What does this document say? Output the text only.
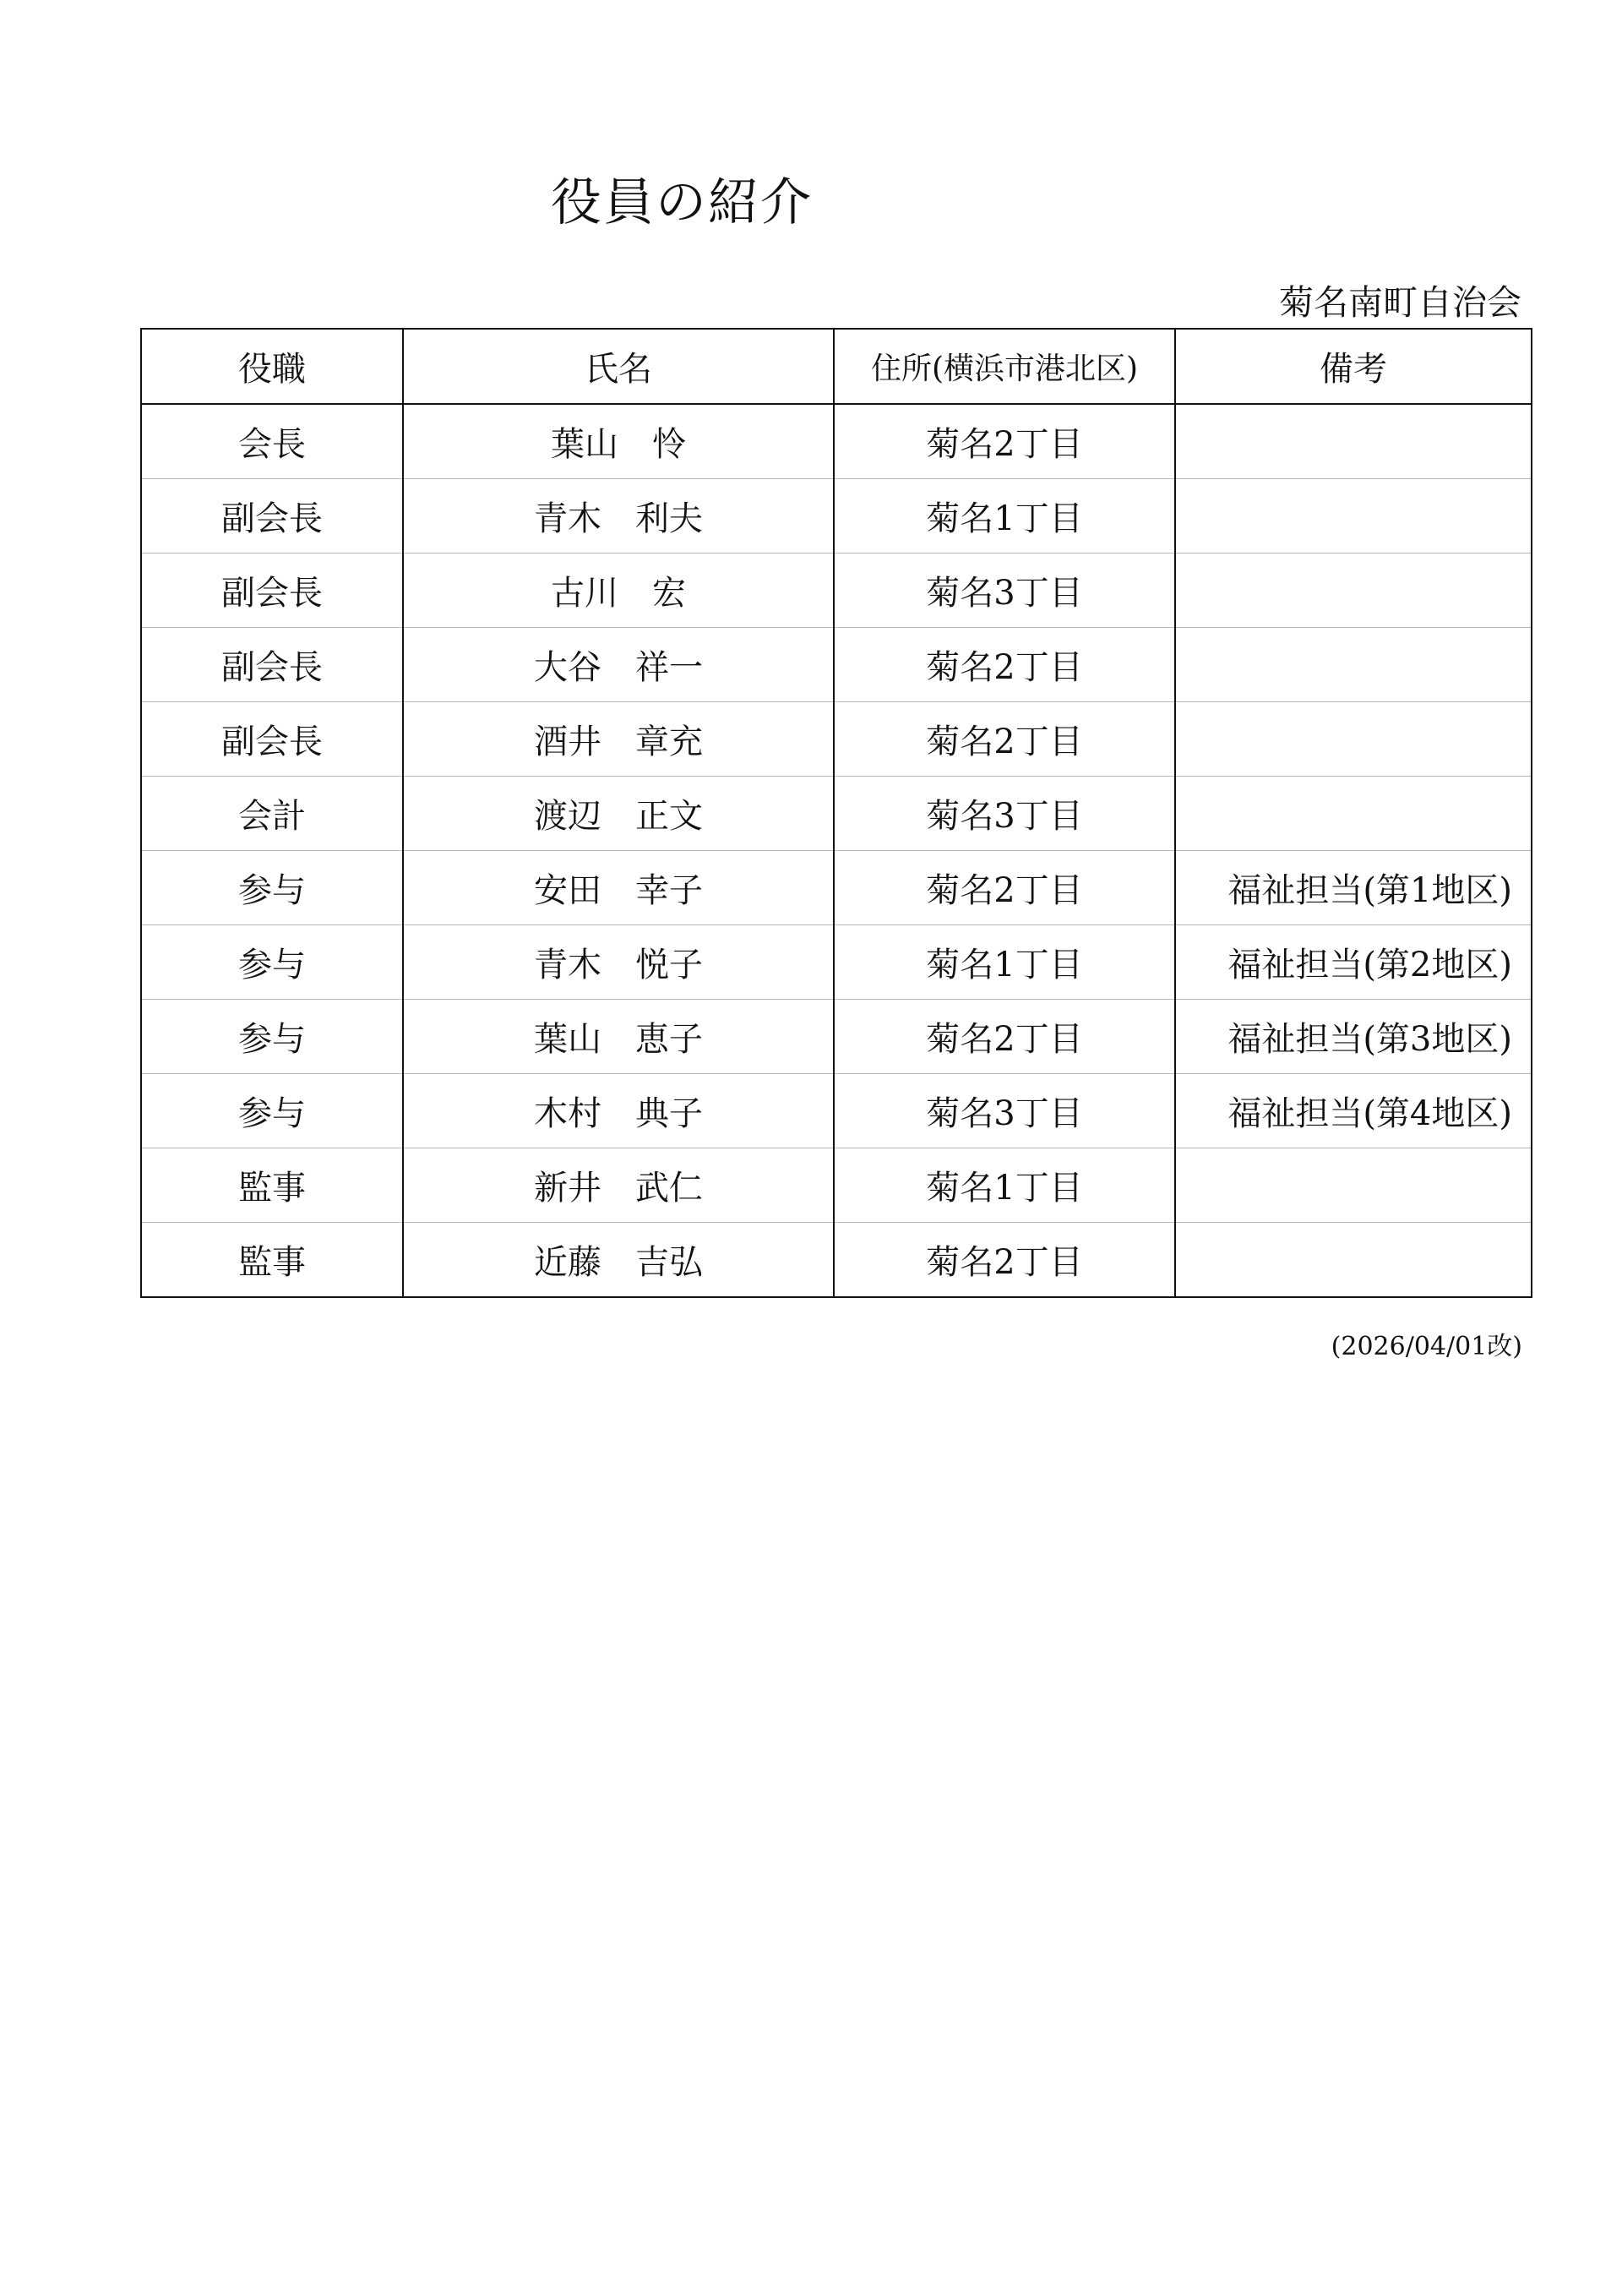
役員の紹介
菊名南町自治会
役職	氏名	住所(横浜市港北区)	備考
会長	葉山　怜	菊名2丁目	
副会長	青木　利夫	菊名1丁目	
副会長	古川　宏	菊名3丁目	
副会長	大谷　祥一	菊名2丁目	
副会長	酒井　章充	菊名2丁目	
会計	渡辺　正文	菊名3丁目	
参与	安田　幸子	菊名2丁目	福祉担当(第1地区)
参与	青木　悦子	菊名1丁目	福祉担当(第2地区)
参与	葉山　恵子	菊名2丁目	福祉担当(第3地区)
参与	木村　典子	菊名3丁目	福祉担当(第4地区)
監事	新井　武仁	菊名1丁目	
監事	近藤　吉弘	菊名2丁目	
(2026/04/01改)
